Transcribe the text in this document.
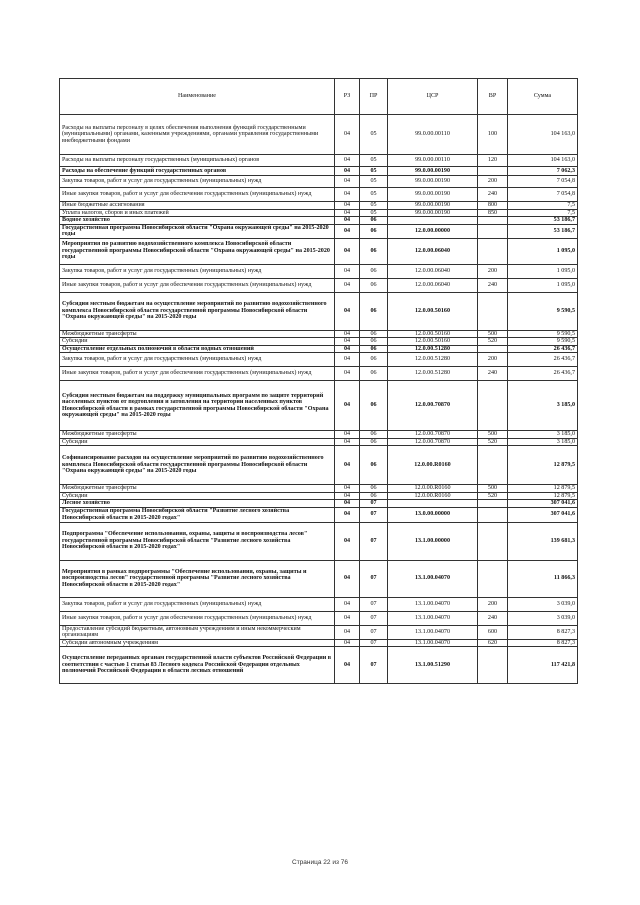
Наименование	РЗ	ПР	ЦСР	ВР	Сумма
Расходы на выплаты персоналу в целях обеспечения выполнения функций государственными (муниципальными) органами, казенными учреждениями, органами управления государственными внебюджетными фондами	04	05	99.0.00.00110	100	104 163,0
Расходы на выплаты персоналу государственных (муниципальных) органов	04	05	99.0.00.00110	120	104 163,0
Расходы на обеспечение функций государственных органов	04	05	99.0.00.00190		7 062,3
Закупка товаров, работ и услуг для государственных (муниципальных) нужд	04	05	99.0.00.00190	200	7 054,8
Иные закупки товаров, работ и услуг для обеспечения государственных (муниципальных) нужд	04	05	99.0.00.00190	240	7 054,8
Иные бюджетные ассигнования	04	05	99.0.00.00190	800	7,5
Уплата налогов, сборов и иных платежей	04	05	99.0.00.00190	850	7,5
Водное хозяйство	04	06			53 186,7
Государственная программа Новосибирской области "Охрана окружающей среды" на 2015-2020 годы	04	06	12.0.00.00000		53 186,7
Мероприятия по развитию водохозяйственного комплекса Новосибирской области государственной программы Новосибирской области "Охрана окружающей среды" на 2015-2020 годы	04	06	12.0.00.06040		1 095,0
Закупка товаров, работ и услуг для государственных (муниципальных) нужд	04	06	12.0.00.06040	200	1 095,0
Иные закупки товаров, работ и услуг для обеспечения государственных (муниципальных) нужд	04	06	12.0.00.06040	240	1 095,0
Субсидии местным бюджетам на осуществление мероприятий по развитию водохозяйственного комплекса Новосибирской области государственной программы Новосибирской области "Охрана окружающей среды" на 2015-2020 годы	04	06	12.0.00.50160		9 590,5
Межбюджетные трансферты	04	06	12.0.00.50160	500	9 590,5
Субсидии	04	06	12.0.00.50160	520	9 590,5
Осуществление отдельных полномочий в области водных отношений	04	06	12.0.00.51280		26 436,7
Закупка товаров, работ и услуг для государственных (муниципальных) нужд	04	06	12.0.00.51280	200	26 436,7
Иные закупки товаров, работ и услуг для обеспечения государственных (муниципальных) нужд	04	06	12.0.00.51280	240	26 436,7
Субсидии местным бюджетам на поддержку муниципальных программ по защите территорий населенных пунктов от подтопления и затопления на территории населенных пунктов Новосибирской области в рамках государственной программы Новосибирской области "Охрана окружающей среды" на 2015-2020 годы	04	06	12.0.00.70870		3 185,0
Межбюджетные трансферты	04	06	12.0.00.70870	500	3 185,0
Субсидии	04	06	12.0.00.70870	520	3 185,0
Софинансирование расходов на осуществление мероприятий по развитию водохозяйственного комплекса Новосибирской области государственной программы Новосибирской области "Охрана окружающей среды" на 2015-2020 годы	04	06	12.0.00.R0160		12 879,5
Межбюджетные трансферты	04	06	12.0.00.R0160	500	12 879,5
Субсидии	04	06	12.0.00.R0160	520	12 879,5
Лесное хозяйство	04	07			307 041,6
Государственная программа Новосибирской области "Развитие лесного хозяйства Новосибирской области в 2015-2020 годах"	04	07	13.0.00.00000		307 041,6
Подпрограмма "Обеспечение использования, охраны, защиты и воспроизводства лесов" государственной программы Новосибирской области "Развитие лесного хозяйства Новосибирской области в 2015-2020 годах"	04	07	13.1.00.00000		139 681,3
Мероприятия в рамках подпрограммы "Обеспечение использования, охраны, защиты и воспроизводства лесов" государственной программы "Развитие лесного хозяйства Новосибирской области в 2015-2020 годах"	04	07	13.1.00.04070		11 866,3
Закупка товаров, работ и услуг для государственных (муниципальных) нужд	04	07	13.1.00.04070	200	3 039,0
Иные закупки товаров, работ и услуг для обеспечения государственных (муниципальных) нужд	04	07	13.1.00.04070	240	3 039,0
Предоставление субсидий бюджетным, автономным учреждениям и иным некоммерческим организациям	04	07	13.1.00.04070	600	8 827,3
Субсидии автономным учреждениям	04	07	13.1.00.04070	620	8 827,3
Осуществление переданных органам государственной власти субъектов Российской Федерации в соответствии с частью 1 статьи 83 Лесного кодекса Российской Федерации отдельных полномочий Российской Федерации в области лесных отношений	04	07	13.1.00.51290		117 421,8
Страница 22 из 76
